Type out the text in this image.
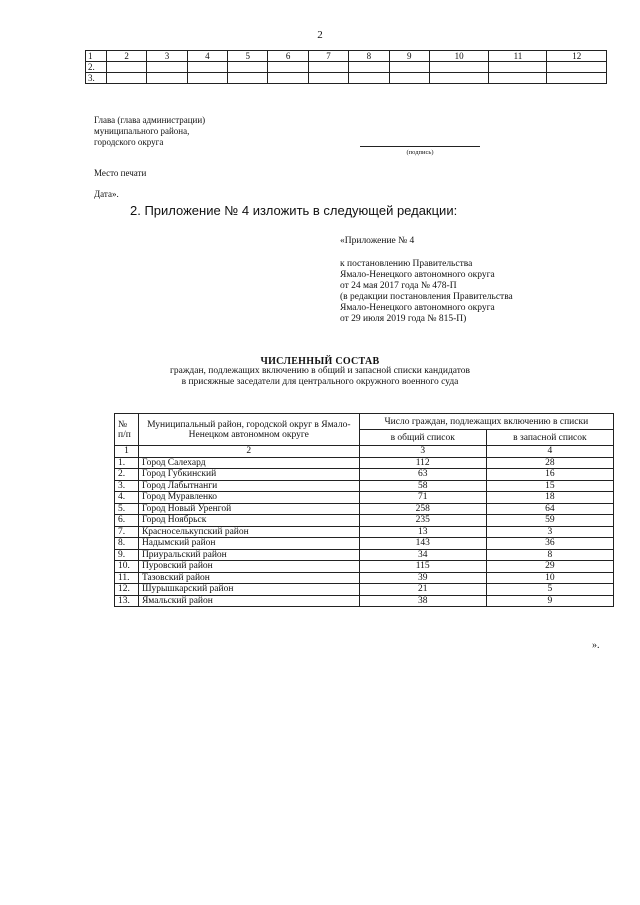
2
1	2	3	4	5	6	7	8	9	10	11	12
2.											
3.											
Глава (глава администрации)
муниципального района,
городского округа
(подпись)
Место печати
Дата».
2. Приложение № 4 изложить в следующей редакции:
«Приложение № 4
к постановлению Правительства
Ямало-Ненецкого автономного округа
от 24 мая 2017 года № 478-П
(в редакции постановления Правительства
Ямало-Ненецкого автономного округа
от 29 июля 2019 года № 815-П)
ЧИСЛЕННЫЙ СОСТАВ
граждан, подлежащих включению в общий и запасной списки кандидатов
в присяжные заседатели для центрального окружного военного суда
№ п/п	Муниципальный район, городской округ в Ямало-Ненецком автономном округе	Число граждан, подлежащих включению в списки	
		в общий список	в запасной список
1	2	3	4
1.	Город Салехард	112	28
2.	Город Губкинский	63	16
3.	Город Лабытнанги	58	15
4.	Город Муравленко	71	18
5.	Город Новый Уренгой	258	64
6.	Город Ноябрьск	235	59
7.	Красноселькупский район	13	3
8.	Надымский район	143	36
9.	Приуральский район	34	8
10.	Пуровский район	115	29
11.	Тазовский район	39	10
12.	Шурышкарский район	21	5
13.	Ямальский район	38	9
».
